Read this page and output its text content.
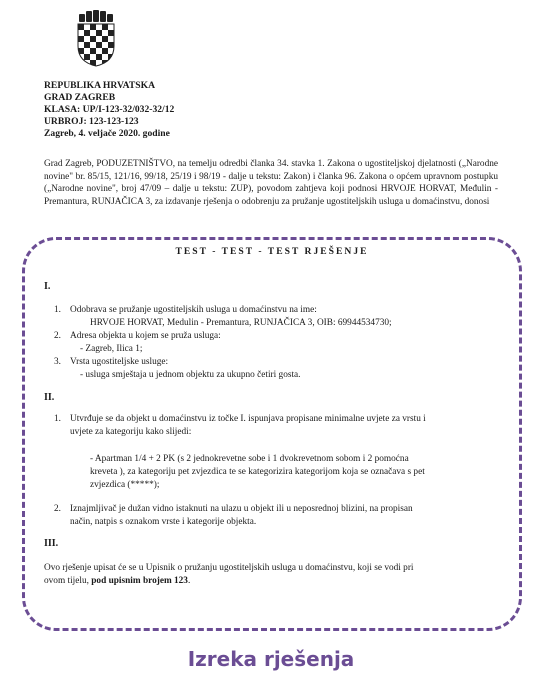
REPUBLIKA HRVATSKA
GRAD ZAGREB
KLASA: UP/I-123-32/032-32/12
URBROJ: 123-123-123
Zagreb, 4. veljače 2020. godine
Grad Zagreb, PODUZETNIŠTVO, na temelju odredbi članka 34. stavka 1. Zakona o ugostiteljskoj djelatnosti („Narodne novine" br. 85/15, 121/16, 99/18, 25/19 i 98/19 - dalje u tekstu: Zakon) i članka 96. Zakona o općem upravnom postupku („Narodne novine", broj 47/09 – dalje u tekstu: ZUP), povodom zahtjeva koji podnosi HRVOJE HORVAT, Međulin - Premantura, RUNJAČICA 3, za izdavanje rješenja o odobrenju za pružanje ugostiteljskih usluga u domaćinstvu, donosi
TEST - TEST - TEST RJEŠENJE
I.
1. Odobrava se pružanje ugostiteljskih usluga u domaćinstvu na ime:
HRVOJE HORVAT, Medulin - Premantura, RUNJAČICA 3, OIB: 69944534730;
2. Adresa objekta u kojem se pruža usluga:
- Zagreb, Ilica 1;
3. Vrsta ugostiteljske usluge:
- usluga smještaja u jednom objektu za ukupno četiri gosta.
II.
1. Utvrđuje se da objekt u domaćinstvu iz točke I. ispunjava propisane minimalne uvjete za vrstu i
uvjete za kategoriju kako slijedi:
- Apartman 1/4 + 2 PK (s 2 jednokrevetne sobe i 1 dvokrevetnom sobom i 2 pomoćna
kreveta ), za kategoriju pet zvjezdica te se kategorizira kategorijom koja se označava s pet
zvjezdica (*****);
2. Iznajmljivač je dužan vidno istaknuti na ulazu u objekt ili u neposrednoj blizini, na propisan
način, natpis s oznakom vrste i kategorije objekta.
III.
Ovo rješenje upisat će se u Upisnik o pružanju ugostiteljskih usluga u domaćinstvu, koji se vodi pri
ovom tijelu, pod upisnim brojem 123.
Izreka rješenja
